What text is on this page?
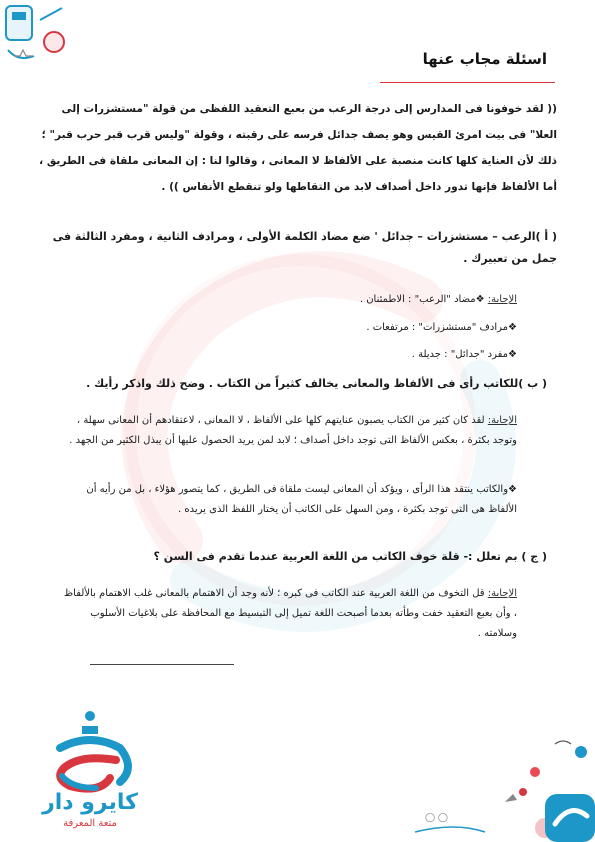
اسئلة مجاب عنها
(( لقد خوفونا فى المدارس إلى درجة الرعب من بعبع التعقيد اللفظى من قولة "مستشزرات إلى العلا" فى بيت امرئ القيس وهو يصف جدائل فرسه على رقبته ، وقولة "وليس قرب قبر حرب قبر" ؛ ذلك لأن العناية كلها كانت منصبة على الألفاظ لا المعانى ، وقالوا لنا : إن المعانى ملقاة فى الطريق ، أما الألفاظ فإنها تدور داخل أصداف لابد من التقاطها ولو تنقطع الأنفاس )) .
( أ )الرعب – مستشزرات – جدائل ' ضع مضاد الكلمة الأولى ، ومرادف الثانية ، ومفرد الثالثة فى جمل من تعبيرك .
الإجابة: ❖مضاد "الرعب" : الاطمئنان .
❖مرادف "مستشزرات" : مرتفعات .
❖مفرد "جدائل" : جديلة .
( ب )للكاتب رأى فى الألفاظ والمعانى يخالف كثيراً من الكتاب . وضح ذلك واذكر رأيك .
الإجابة: لقد كان كثير من الكتاب يصبون عنايتهم كلها على الألفاظ ، لا المعانى ، لاعتقادهم أن المعانى سهلة ، وتوجد بكثرة ، بعكس الألفاظ التى توجد داخل أصداف ؛ لابد لمن يريد الحصول عليها أن يبذل الكثير من الجهد .
❖والكاتب ينتقد هذا الرأى ، ويؤكد أن المعانى ليست ملقاة فى الطريق ، كما يتصور هؤلاء ، بل من رأيه أن الألفاظ هى التى توجد بكثرة ، ومن السهل على الكاتب أن يختار اللفظ الذى يريده .
( ج ) بم تعلل :- قلة خوف الكاتب من اللغة العربية عندما تقدم فى السن ؟
الإجابة: قل التخوف من اللغة العربية عند الكاتب فى كبره ؛ لأنه وجد أن الاهتمام بالمعانى غلب الاهتمام بالألفاظ ، وأن بعبع التعقيد خفت وطأته بعدما أصبحت اللغة تميل إلى التبسيط مع المحافظة على بلاغيات الأسلوب وسلامته .
كايرو دار
متعة المعرفة	◯ ◯
